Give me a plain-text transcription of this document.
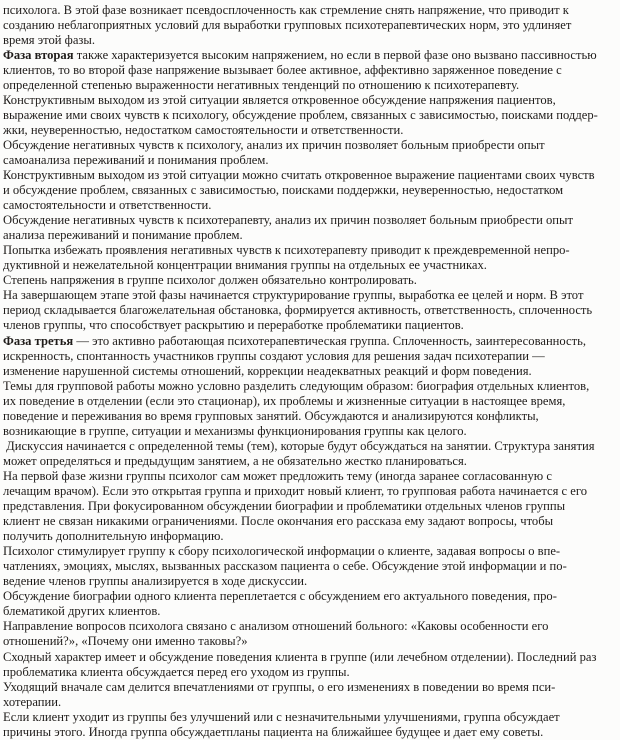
психолога. В этой фазе возникает псевдосплоченность как стремление снять напряжение, что приводит к
созданию неблагоприятных условий для выработки групповых психотерапевтических норм, это удлиняет
время этой фазы.
Фаза вторая также характеризуется высоким напряжением, но если в первой фазе оно вызвано пассивностью
клиентов, то во второй фазе напряжение вызывает более активное, аффективно заряженное поведение с
определенной степенью выраженности негативных тенденций по отношению к психотерапевту.
Конструктивным выходом из этой ситуации является откровенное обсуждение напряжения пациентов,
выражение ими своих чувств к психологу, обсуждение проблем, связанных с зависимостью, поисками поддер-
жки, неуверенностью, недостатком самостоятельности и ответственности.
Обсуждение негативных чувств к психологу, анализ их причин позволяет больным приобрести опыт
самоанализа переживаний и понимания проблем.
Конструктивным выходом из этой ситуации можно считать откровенное выражение пациентами своих чувств
и обсуждение проблем, связанных с зависимостью, поисками поддержки, неуверенностью, недостатком
самостоятельности и ответственности.
Обсуждение негативных чувств к психотерапевту, анализ их причин позволяет больным приобрести опыт
анализа переживаний и понимание проблем.
Попытка избежать проявления негативных чувств к психотерапевту приводит к преждевременной непро-
дуктивной и нежелательной концентрации внимания группы на отдельных ее участниках.
Степень напряжения в группе психолог должен обязательно контролировать.
На завершающем этапе этой фазы начинается структурирование группы, выработка ее целей и норм. В этот
период складывается благожелательная обстановка, формируется активность, ответственность, сплоченность
членов группы, что способствует раскрытию и переработке проблематики пациентов.
Фаза третья — это активно работающая психотерапевтическая группа. Сплоченность, заинтересованность,
искренность, спонтанность участников группы создают условия для решения задач психотерапии —
изменение нарушенной системы отношений, коррекции неадекватных реакций и форм поведения.
Темы для групповой работы можно условно разделить следующим образом: биография отдельных клиентов,
их поведение в отделении (если это стационар), их проблемы и жизненные ситуации в настоящее время,
поведение и переживания во время групповых занятий. Обсуждаются и анализируются конфликты,
возникающие в группе, ситуации и механизмы функционирования группы как целого.
Дискуссия начинается с определенной темы (тем), которые будут обсуждаться на занятии. Структура занятия
может определяться и предыдущим занятием, а не обязательно жестко планироваться.
На первой фазе жизни группы психолог сам может предложить тему (иногда заранее согласованную с
лечащим врачом). Если это открытая группа и приходит новый клиент, то групповая работа начинается с его
представления. При фокусированном обсуждении биографии и проблематики отдельных членов группы
клиент не связан никакими ограничениями. После окончания его рассказа ему задают вопросы, чтобы
получить дополнительную информацию.
Психолог стимулирует группу к сбору психологической информации о клиенте, задавая вопросы о впе-
чатлениях, эмоциях, мыслях, вызванных рассказом пациента о себе. Обсуждение этой информации и по-
ведение членов группы анализируется в ходе дискуссии.
Обсуждение биографии одного клиента переплетается с обсуждением его актуального поведения, про-
блематикой других клиентов.
Направление вопросов психолога связано с анализом отношений больного: «Каковы особенности его
отношений?», «Почему они именно таковы?»
Сходный характер имеет и обсуждение поведения клиента в группе (или лечебном отделении). Последний раз
проблематика клиента обсуждается перед его уходом из группы.
Уходящий вначале сам делится впечатлениями от группы, о его изменениях в поведении во время пси-
хотерапии.
Если клиент уходит из группы без улучшений или с незначительными улучшениями, группа обсуждает
причины этого. Иногда группа обсуждаетпланы пациента на ближайшее будущее и дает ему советы.
